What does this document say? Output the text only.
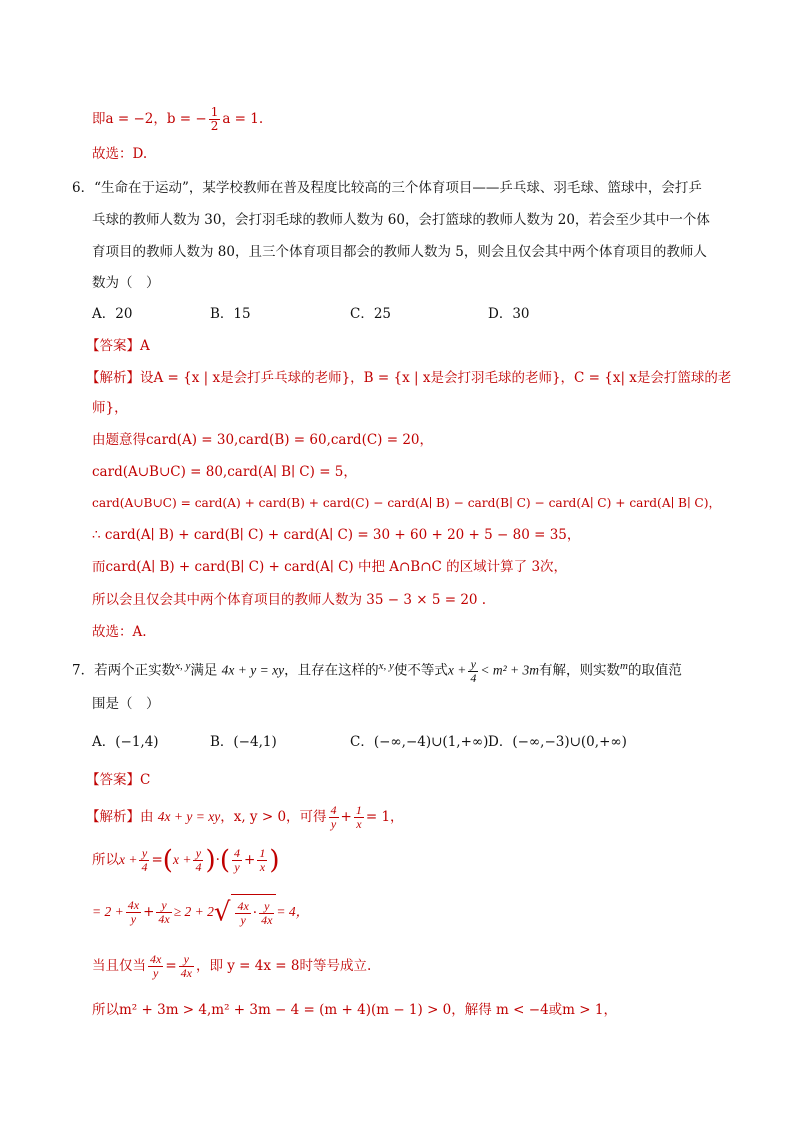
即a = −2，b = − $\frac{1}{2}$ a = 1.
故选：D.
6．“生命在于运动”，某学校教师在普及程度比较高的三个体育项目——乒乓球、羽毛球、篮球中，会打乒
乓球的教师人数为 30，会打羽毛球的教师人数为 60，会打篮球的教师人数为 20，若会至少其中一个体
育项目的教师人数为 80，且三个体育项目都会的教师人数为 5，则会且仅会其中两个体育项目的教师人
数为（　）
A．20	B．15	C．25	D．30
【答案】A
【解析】设A = {x | x是会打乒乓球的老师}，B = {x | x是会打羽毛球的老师}，C = {x| x是会打篮球的老
师}，
由题意得card(A) = 30,card(B) = 60,card(C) = 20，
card(A∪B∪C) = 80,card(A∣ B∣ C) = 5，
card(A∪B∪C) = card(A) + card(B) + card(C) − card(A∣ B) − card(B∣ C) − card(A∣ C) + card(A∣ B∣ C)，
∴ card(A∣ B) + card(B∣ C) + card(A∣ C) = 30 + 60 + 20 + 5 − 80 = 35，
而card(A∣ B) + card(B∣ C) + card(A∣ C) 中把 A∩B∩C 的区域计算了 3次，
所以会且仅会其中两个体育项目的教师人数为 35 − 3 × 5 = 20 .
故选：A.
7．若两个正实数$^{x, y}$满足 4x + y = xy，且存在这样的$^{x, y}$使不等式$x + \frac{y}{4} < m^2 + 3m$有解，则实数$^m$的取值范
围是（　）
A．(−1,4)	B．(−4,1)	C．(−∞,−4)∪(1,+∞)D．(−∞,−3)∪(0,+∞)
【答案】C
【解析】由 4x + y = xy，x, y > 0，可得 $\frac{4}{y} + \frac{1}{x} = 1$，
所以$x + \frac{y}{4} =(x + \frac{y}{4}$ )·( $\frac{4}{y} + \frac{1}{x}$ )
= $2 + \frac{4x}{y} + \frac{y}{4x} \ge 2 + 2√ \frac{4x}{y} \cdot \frac{y}{4x} = 4$，
当且仅当 $\frac{4x}{y} = \frac{y}{4x}$ ，即 y = 4x = 8时等号成立.
所以m² + 3m > 4,m² + 3m − 4 = (m + 4)(m − 1) > 0，解得 m < −4或m > 1，
